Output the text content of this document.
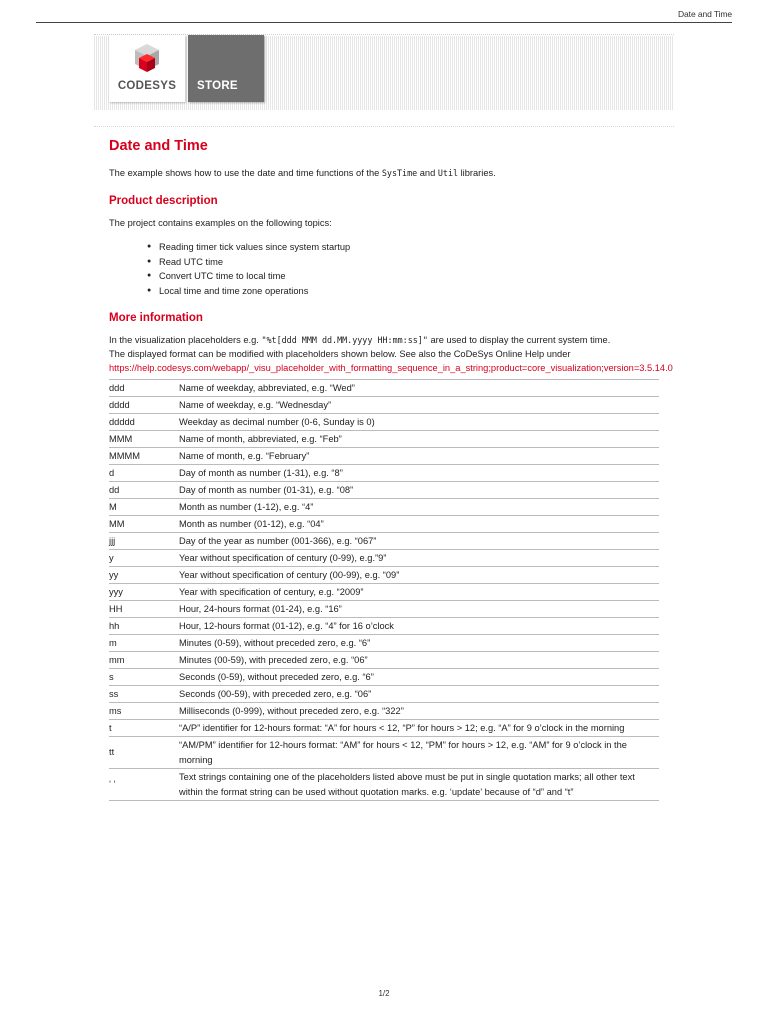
Date and Time
CODESYS	STORE
Date and Time

The example shows how to use the date and time functions of the SysTime and Util libraries.

Product description

The project contains examples on the following topics:

● Reading timer tick values since system startup
● Read UTC time
● Convert UTC time to local time
● Local time and time zone operations
More information

In the visualization placeholders e.g. "%t[ddd MMM dd.MM.yyyy HH:mm:ss]" are used to display the current system time.
The displayed format can be modified with placeholders shown below. See also the CoDeSys Online Help under
https://help.codesys.com/webapp/_visu_placeholder_with_formatting_sequence_in_a_string;product=core_visualization;version=3.5.14.0

ddd	Name of weekday, abbreviated, e.g. “Wed”
dddd	Name of weekday, e.g. “Wednesday”
ddddd	Weekday as decimal number (0-6, Sunday is 0)
MMM	Name of month, abbreviated, e.g. “Feb”
MMMM	Name of month, e.g. “February”
d	Day of month as number (1-31), e.g. “8”
dd	Day of month as number (01-31), e.g. “08”
M	Month as number (1-12), e.g. “4”
MM	Month as number (01-12), e.g. “04”
jjj	Day of the year as number (001-366), e.g. “067”
y	Year without specification of century (0-99), e.g.”9”
yy	Year without specification of century (00-99), e.g. “09”
yyy	Year with specification of century, e.g. “2009”
HH	Hour, 24-hours format (01-24), e.g. “16”
hh	Hour, 12-hours format (01-12), e.g. “4” for 16 o’clock
m	Minutes (0-59), without preceded zero, e.g. “6”
mm	Minutes (00-59), with preceded zero, e.g. “06”
s	Seconds (0-59), without preceded zero, e.g. “6”
ss	Seconds (00-59), with preceded zero, e.g. “06”
ms	Milliseconds (0-999), without preceded zero, e.g. “322”
t	“A/P” identifier for 12-hours format: “A” for hours < 12, “P” for hours > 12; e.g. “A” for 9 o’clock in the morning
tt	“AM/PM” identifier for 12-hours format: “AM” for hours < 12, “PM” for hours > 12, e.g. “AM” for 9 o’clock in the morning
‘ ‘	Text strings containing one of the placeholders listed above must be put in single quotation marks; all other text within the format string can be used without quotation marks. e.g. ‘update’ because of “d” and “t”
1/2
